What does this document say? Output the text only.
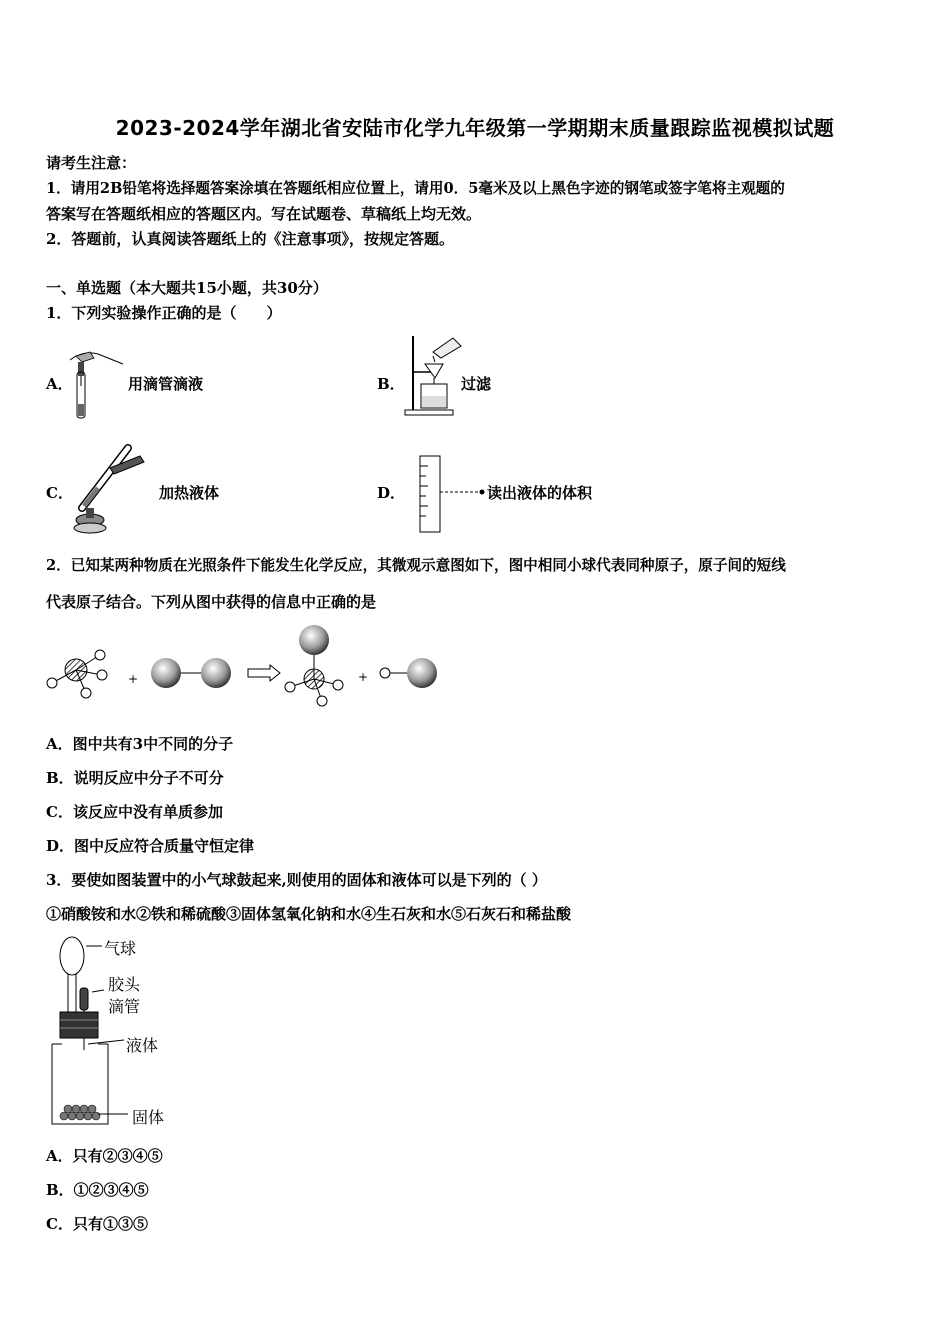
2023-2024学年湖北省安陆市化学九年级第一学期期末质量跟踪监视模拟试题
请考生注意：
1．请用2B铅笔将选择题答案涂填在答题纸相应位置上，请用0．5毫米及以上黑色字迹的钢笔或签字笔将主观题的
答案写在答题纸相应的答题区内。写在试题卷、草稿纸上均无效。
2．答题前，认真阅读答题纸上的《注意事项》，按规定答题。
一、单选题（本大题共15小题，共30分）
1．下列实验操作正确的是（　　）
A．	用滴管滴液	B．	过滤
C．	加热液体	D．	读出液体的体积
2．已知某两种物质在光照条件下能发生化学反应，其微观示意图如下，图中相同小球代表同种原子，原子间的短线
代表原子结合。下列从图中获得的信息中正确的是
+	+
A．图中共有3中不同的分子
B．说明反应中分子不可分
C．该反应中没有单质参加
D．图中反应符合质量守恒定律
3．要使如图装置中的小气球鼓起来,则使用的固体和液体可以是下列的（ ）
①硝酸铵和水②铁和稀硫酸③固体氢氧化钠和水④生石灰和水⑤石灰石和稀盐酸
气球
胶头
滴管
液体
固体
A．只有②③④⑤
B．①②③④⑤
C．只有①③⑤
